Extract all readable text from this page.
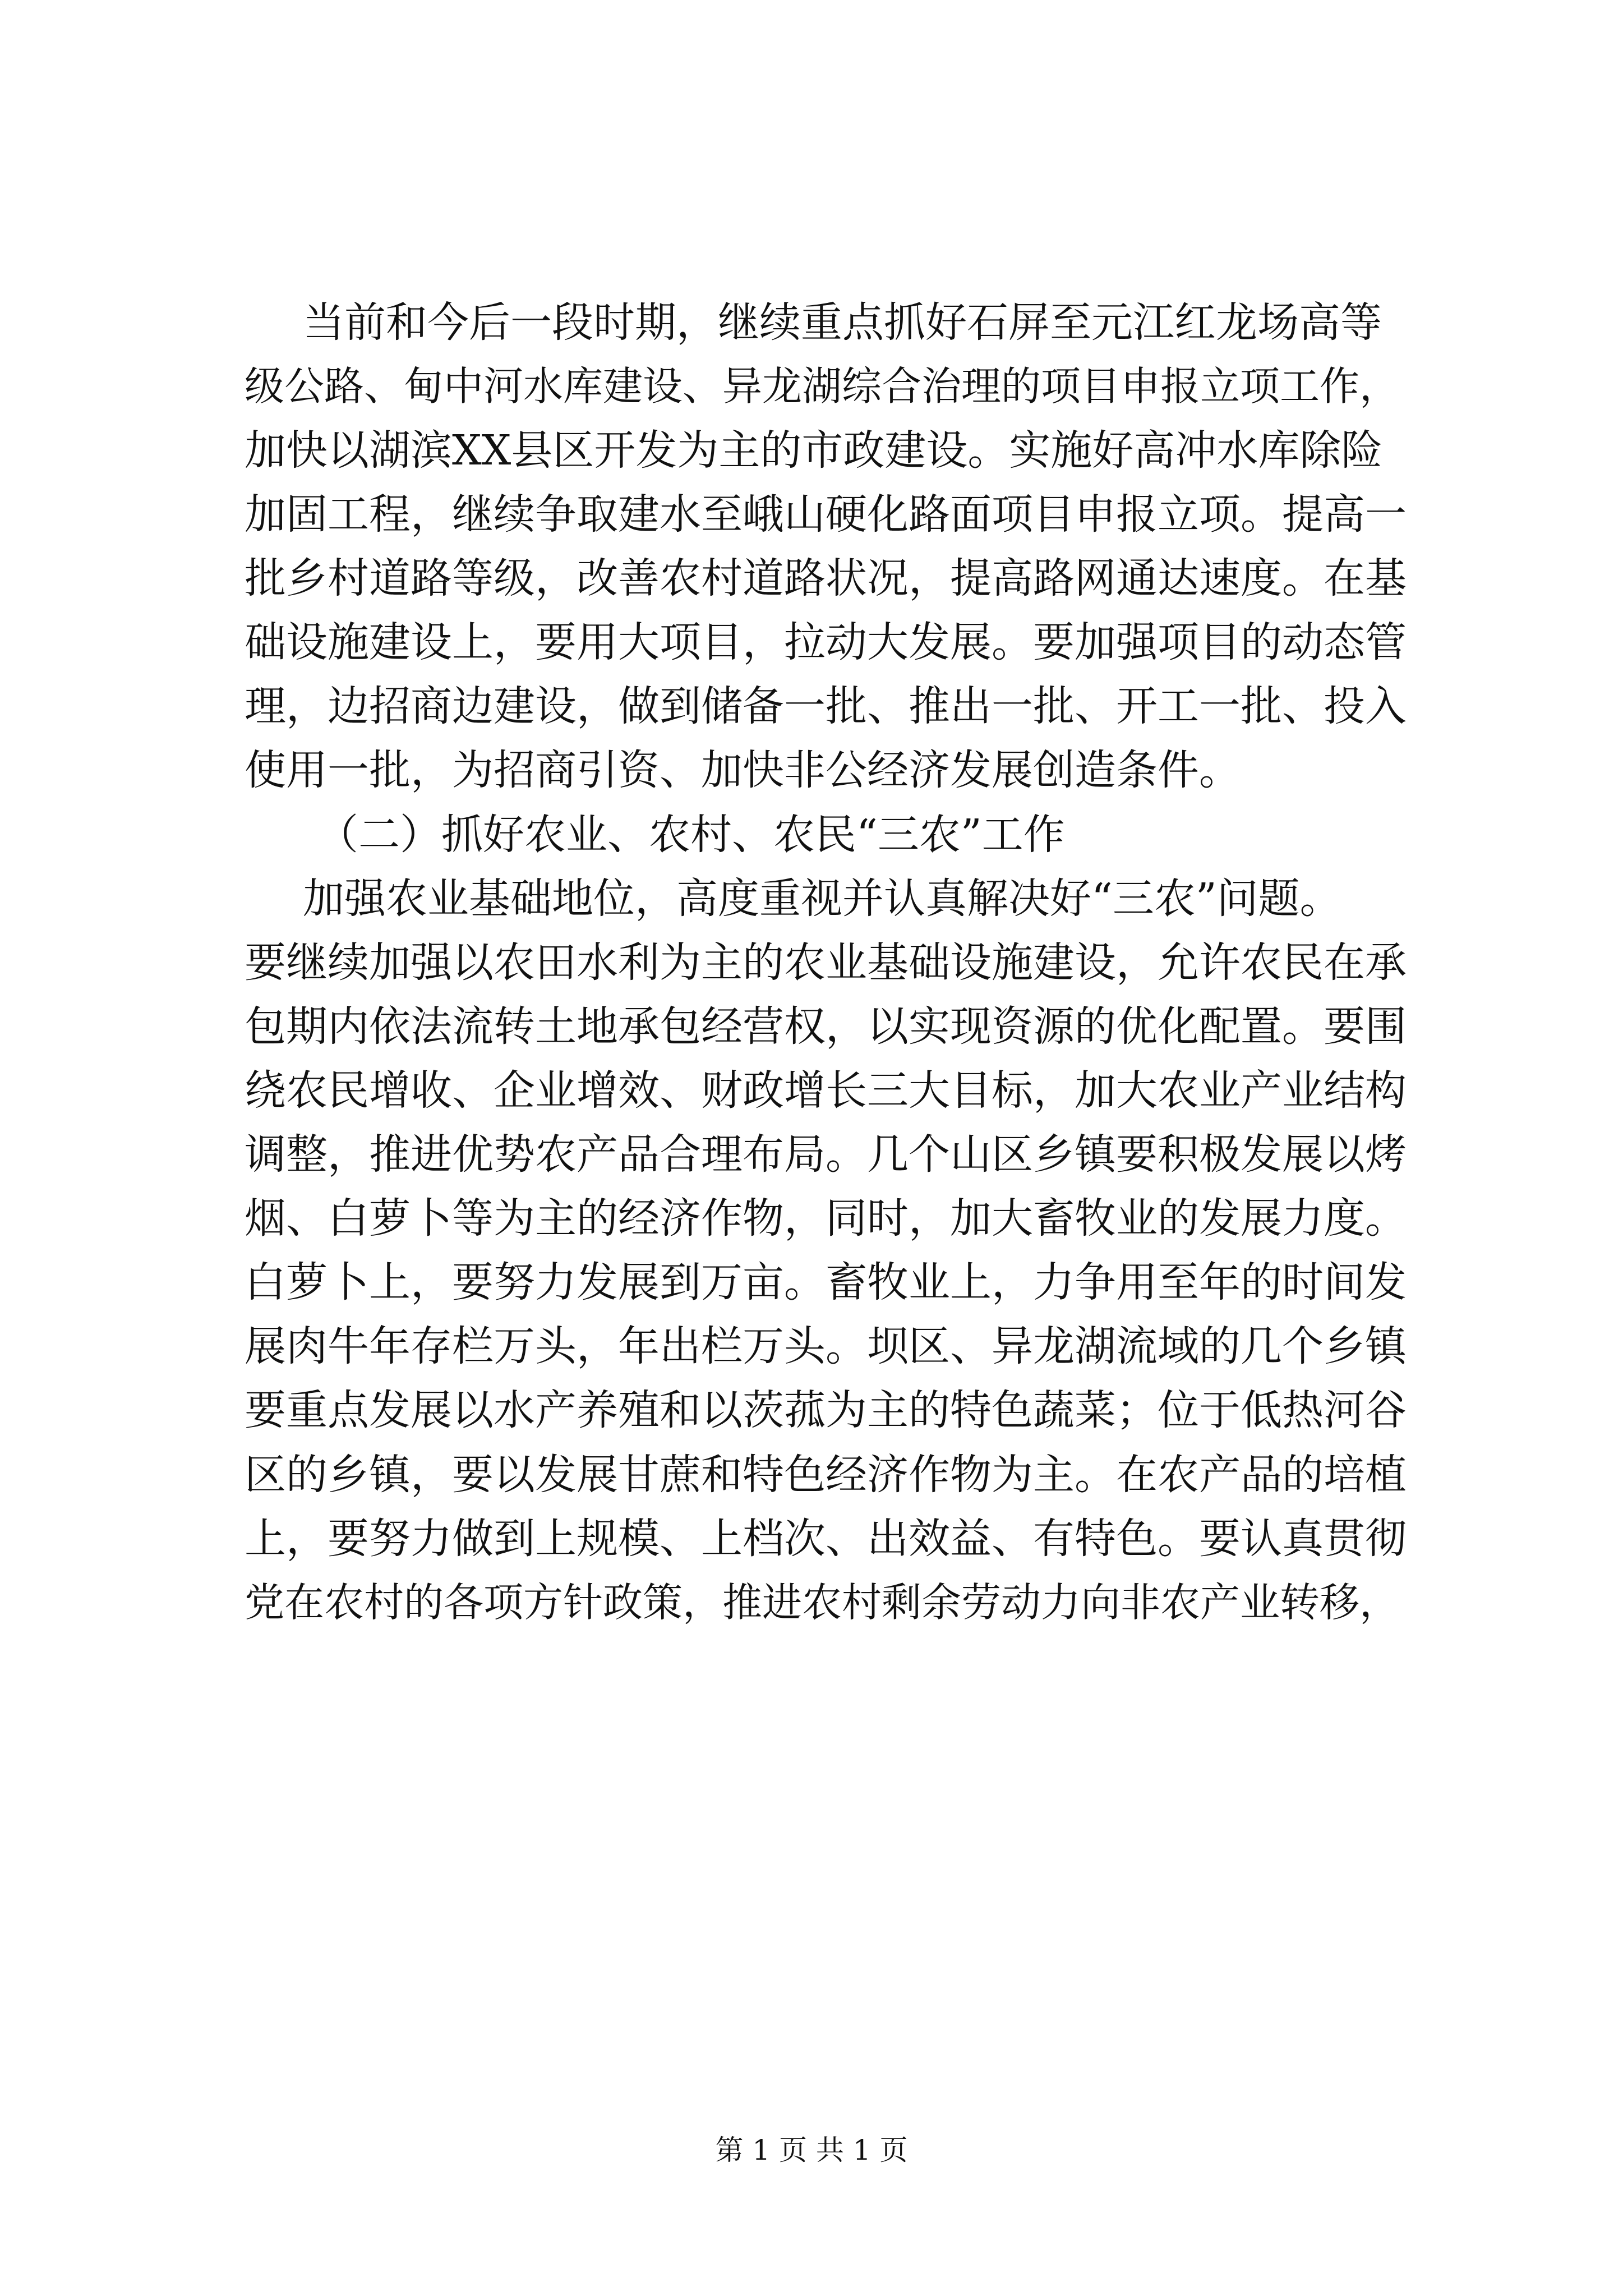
当前和今后一段时期，继续重点抓好石屏至元江红龙场高等
级公路、甸中河水库建设、异龙湖综合治理的项目申报立项工作，
加快以湖滨XX县区开发为主的市政建设。实施好高冲水库除险
加固工程，继续争取建水至峨山硬化路面项目申报立项。提高一
批乡村道路等级，改善农村道路状况，提高路网通达速度。在基
础设施建设上，要用大项目，拉动大发展。要加强项目的动态管
理，边招商边建设，做到储备一批、推出一批、开工一批、投入
使用一批，为招商引资、加快非公经济发展创造条件。
（二）抓好农业、农村、农民“三农”工作
加强农业基础地位，高度重视并认真解决好“三农”问题。
要继续加强以农田水利为主的农业基础设施建设，允许农民在承
包期内依法流转土地承包经营权，以实现资源的优化配置。要围
绕农民增收、企业增效、财政增长三大目标，加大农业产业结构
调整，推进优势农产品合理布局。几个山区乡镇要积极发展以烤
烟、白萝卜等为主的经济作物，同时，加大畜牧业的发展力度。
白萝卜上，要努力发展到万亩。畜牧业上，力争用至年的时间发
展肉牛年存栏万头，年出栏万头。坝区、异龙湖流域的几个乡镇
要重点发展以水产养殖和以茨菰为主的特色蔬菜；位于低热河谷
区的乡镇，要以发展甘蔗和特色经济作物为主。在农产品的培植
上，要努力做到上规模、上档次、出效益、有特色。要认真贯彻
党在农村的各项方针政策，推进农村剩余劳动力向非农产业转移，
第 1 页 共 1 页
